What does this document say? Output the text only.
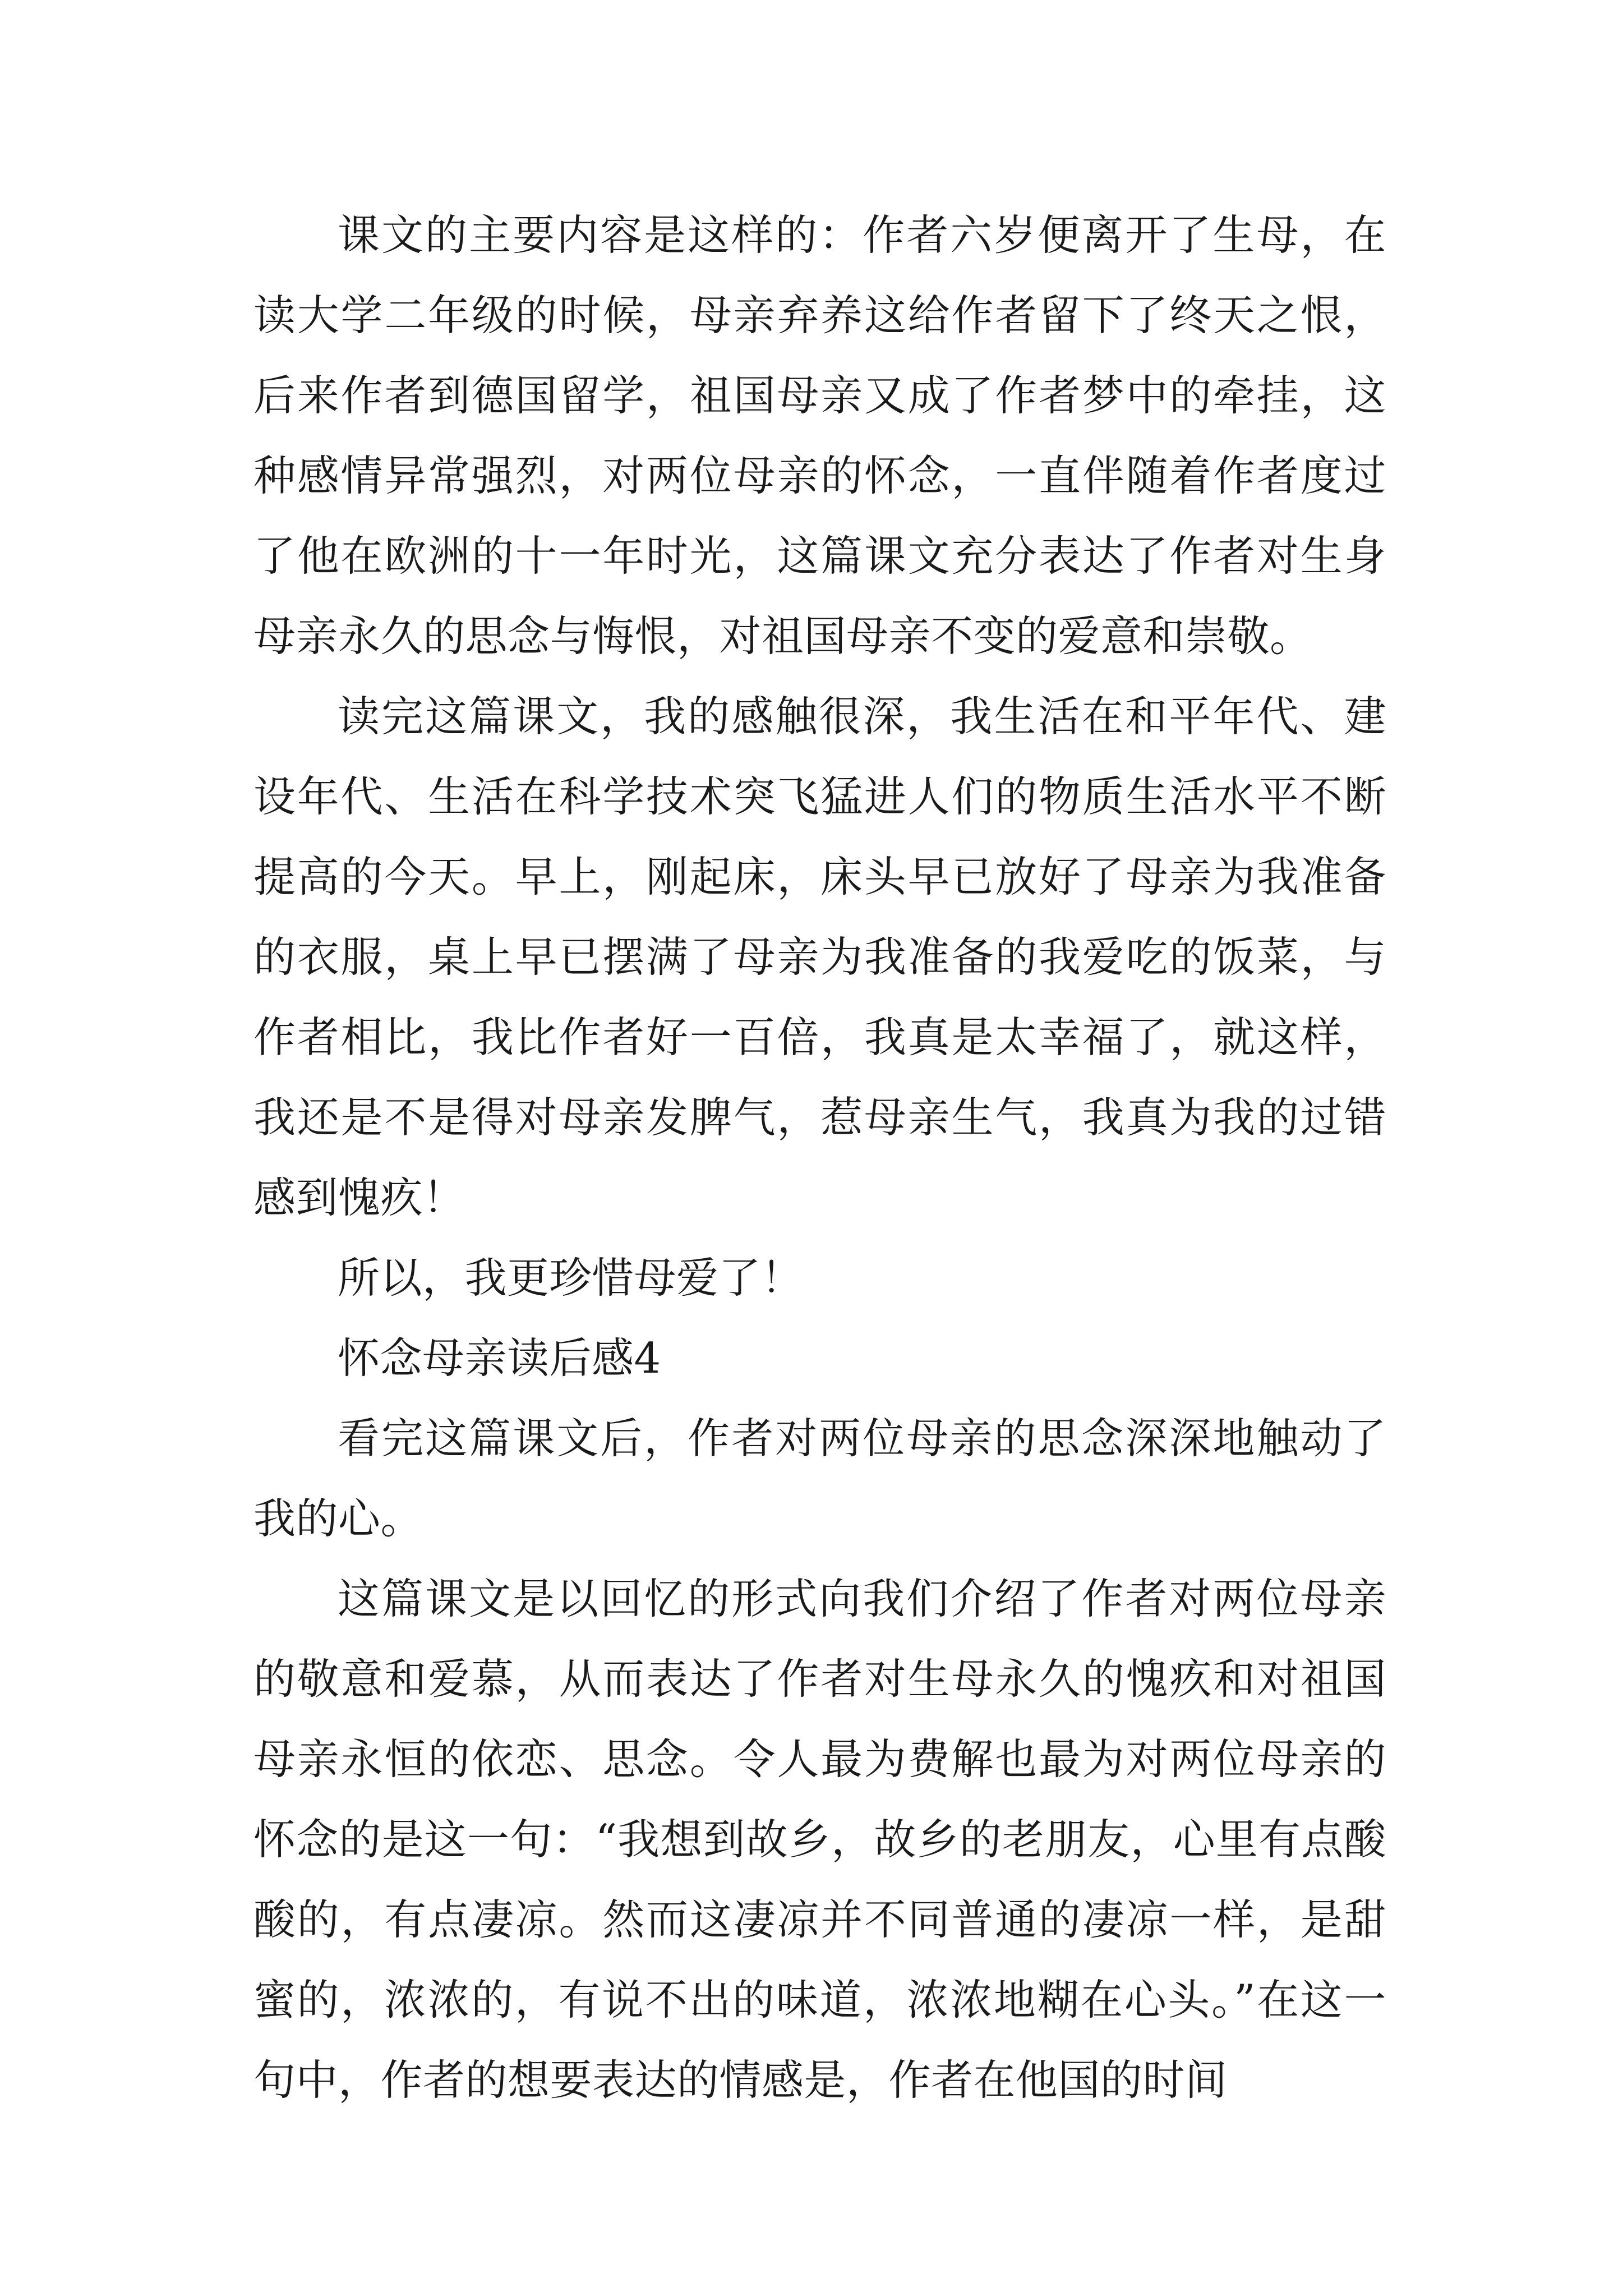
课文的主要内容是这样的：作者六岁便离开了生母，在读大学二年级的时候，母亲弃养这给作者留下了终天之恨，后来作者到德国留学，祖国母亲又成了作者梦中的牵挂，这种感情异常强烈，对两位母亲的怀念，一直伴随着作者度过了他在欧洲的十一年时光，这篇课文充分表达了作者对生身母亲永久的思念与悔恨，对祖国母亲不变的爱意和崇敬。

读完这篇课文，我的感触很深，我生活在和平年代、建设年代、生活在科学技术突飞猛进人们的物质生活水平不断提高的今天。早上，刚起床，床头早已放好了母亲为我准备的衣服，桌上早已摆满了母亲为我准备的我爱吃的饭菜，与作者相比，我比作者好一百倍，我真是太幸福了，就这样，我还是不是得对母亲发脾气，惹母亲生气，我真为我的过错感到愧疚！

所以，我更珍惜母爱了！

怀念母亲读后感4

看完这篇课文后，作者对两位母亲的思念深深地触动了我的心。

这篇课文是以回忆的形式向我们介绍了作者对两位母亲的敬意和爱慕，从而表达了作者对生母永久的愧疚和对祖国母亲永恒的依恋、思念。令人最为费解也最为对两位母亲的怀念的是这一句：“我想到故乡，故乡的老朋友，心里有点酸酸的，有点凄凉。然而这凄凉并不同普通的凄凉一样，是甜蜜的，浓浓的，有说不出的味道，浓浓地糊在心头。”在这一句中，作者的想要表达的情感是，作者在他国的时间
